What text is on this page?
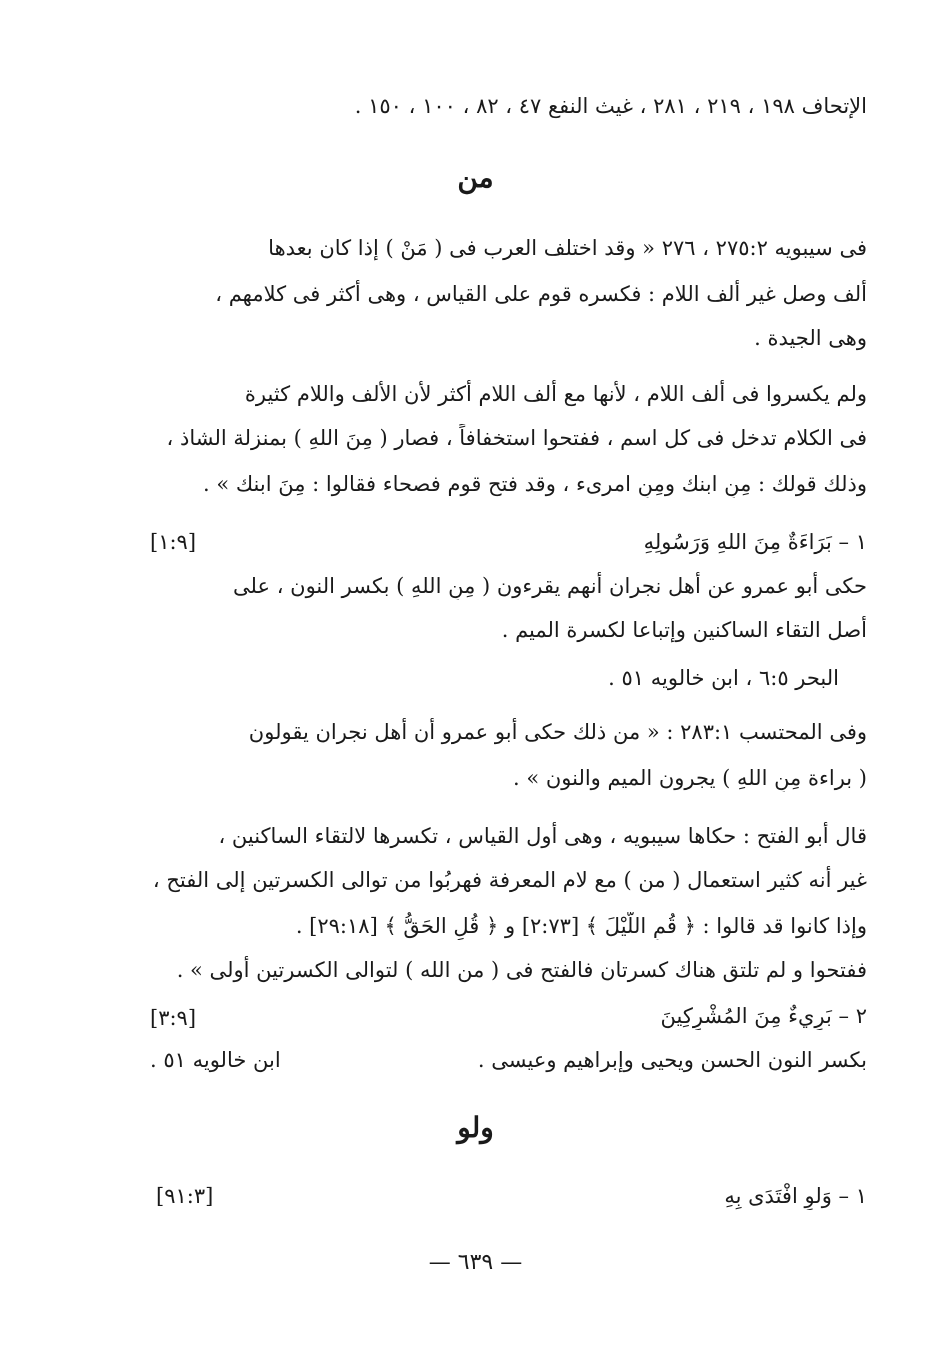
الإتحاف ١٩٨ ، ٢١٩ ، ٢٨١ ، غيث النفع ٤٧ ، ٨٢ ، ١٠٠ ، ١٥٠ .
من
فى سيبويه ٢٧٥:٢ ، ٢٧٦ « وقد اختلف العرب فى ( مَنْ ) إذا كان بعدها
ألف وصل غير ألف اللام : فكسره قوم على القياس ، وهى أكثر فى كلامهم ،
وهى الجيدة .
ولم يكسروا فى ألف اللام ، لأنها مع ألف اللام أكثر لأن الألف واللام كثيرة
فى الكلام تدخل فى كل اسم ، ففتحوا استخفافاً ، فصار ( مِنَ اللهِ ) بمنزلة الشاذ ،
وذلك قولك : مِنِ ابنك ومِنِ امرىء ، وقد فتح قوم فصحاء فقالوا : مِنَ ابنك » .
١ – بَرَاءَةٌ مِنَ اللهِ وَرَسُولِهِ
[١:٩]
حكى أبو عمرو عن أهل نجران أنهم يقرءون ( مِنِ اللهِ ) بكسر النون ، على
أصل التقاء الساكنين وإتباعا لكسرة الميم .
البحر ٦:٥ ، ابن خالويه ٥١ .
وفى المحتسب ٢٨٣:١ : « من ذلك حكى أبو عمرو أن أهل نجران يقولون
( براءة مِنِ اللهِ ) يجرون الميم والنون » .
قال أبو الفتح : حكاها سيبويه ، وهى أول القياس ، تكسرها لالتقاء الساكنين ،
غير أنه كثير استعمال ( من ) مع لام المعرفة فهربُوا من توالى الكسرتين إلى الفتح ،
وإذا كانوا قد قالوا : ﴿ قُمِ اللَّيْلَ ﴾ [٢:٧٣] و ﴿ قُلِ الحَقُّ ﴾ [٢٩:١٨] .
ففتحوا و لم تلتق هناك كسرتان فالفتح فى ( من الله ) لتوالى الكسرتين أولى » .
٢ – بَرِيءٌ مِنَ المُشْرِكِينَ
[٣:٩]
بكسر النون الحسن ويحيى وإبراهيم وعيسى .
ابن خالويه ٥١ .
ولو
١ – وَلوِ افْتَدَى بِهِ
[٩١:٣]
— ٦٣٩ —
